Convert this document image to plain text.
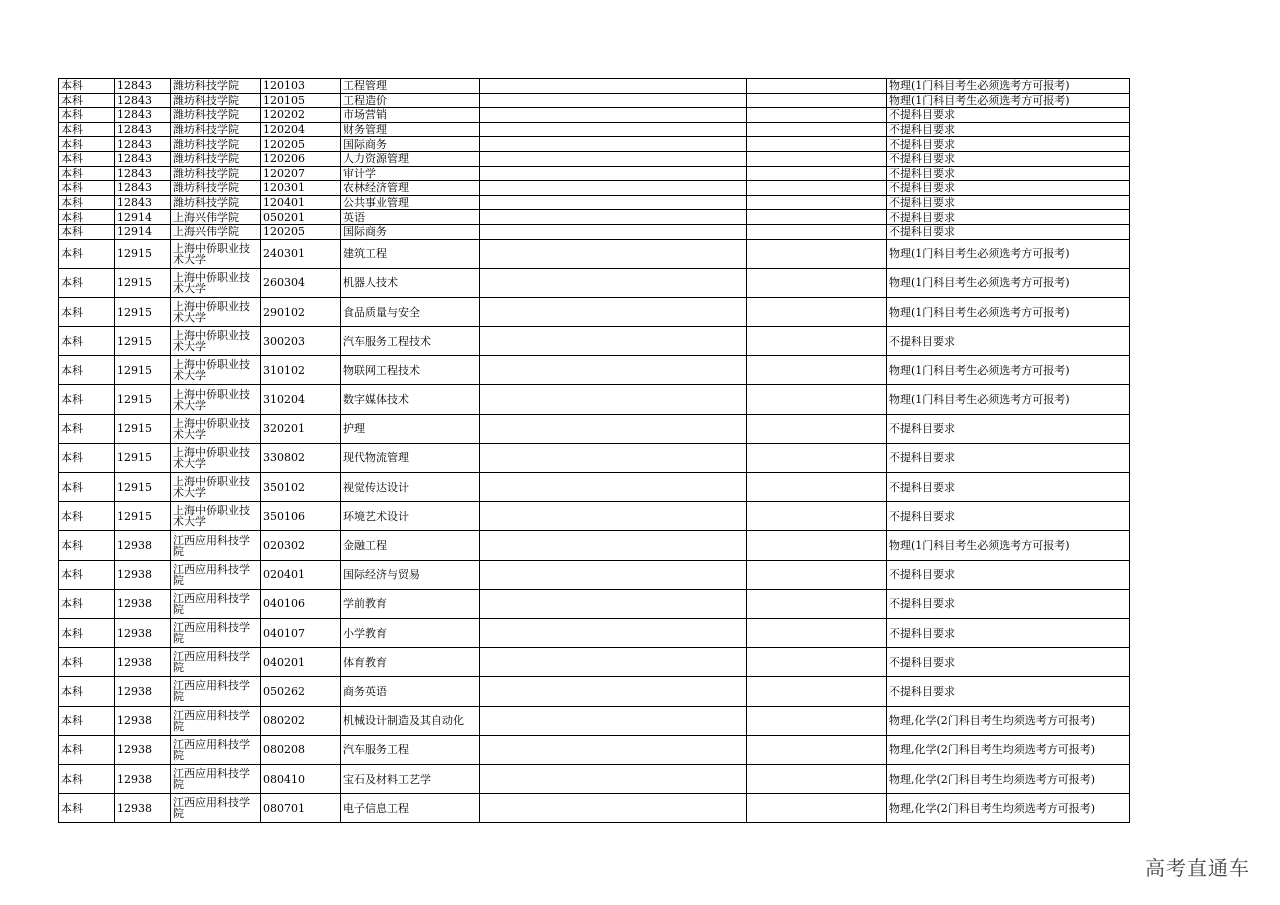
本科	12843	潍坊科技学院	120103	工程管理			物理(1门科目考生必须选考方可报考)
本科	12843	潍坊科技学院	120105	工程造价			物理(1门科目考生必须选考方可报考)
本科	12843	潍坊科技学院	120202	市场营销			不提科目要求
本科	12843	潍坊科技学院	120204	财务管理			不提科目要求
本科	12843	潍坊科技学院	120205	国际商务			不提科目要求
本科	12843	潍坊科技学院	120206	人力资源管理			不提科目要求
本科	12843	潍坊科技学院	120207	审计学			不提科目要求
本科	12843	潍坊科技学院	120301	农林经济管理			不提科目要求
本科	12843	潍坊科技学院	120401	公共事业管理			不提科目要求
本科	12914	上海兴伟学院	050201	英语			不提科目要求
本科	12914	上海兴伟学院	120205	国际商务			不提科目要求
本科	12915	上海中侨职业技术大学	240301	建筑工程			物理(1门科目考生必须选考方可报考)
本科	12915	上海中侨职业技术大学	260304	机器人技术			物理(1门科目考生必须选考方可报考)
本科	12915	上海中侨职业技术大学	290102	食品质量与安全			物理(1门科目考生必须选考方可报考)
本科	12915	上海中侨职业技术大学	300203	汽车服务工程技术			不提科目要求
本科	12915	上海中侨职业技术大学	310102	物联网工程技术			物理(1门科目考生必须选考方可报考)
本科	12915	上海中侨职业技术大学	310204	数字媒体技术			物理(1门科目考生必须选考方可报考)
本科	12915	上海中侨职业技术大学	320201	护理			不提科目要求
本科	12915	上海中侨职业技术大学	330802	现代物流管理			不提科目要求
本科	12915	上海中侨职业技术大学	350102	视觉传达设计			不提科目要求
本科	12915	上海中侨职业技术大学	350106	环境艺术设计			不提科目要求
本科	12938	江西应用科技学院	020302	金融工程			物理(1门科目考生必须选考方可报考)
本科	12938	江西应用科技学院	020401	国际经济与贸易			不提科目要求
本科	12938	江西应用科技学院	040106	学前教育			不提科目要求
本科	12938	江西应用科技学院	040107	小学教育			不提科目要求
本科	12938	江西应用科技学院	040201	体育教育			不提科目要求
本科	12938	江西应用科技学院	050262	商务英语			不提科目要求
本科	12938	江西应用科技学院	080202	机械设计制造及其自动化			物理,化学(2门科目考生均须选考方可报考)
本科	12938	江西应用科技学院	080208	汽车服务工程			物理,化学(2门科目考生均须选考方可报考)
本科	12938	江西应用科技学院	080410	宝石及材料工艺学			物理,化学(2门科目考生均须选考方可报考)
本科	12938	江西应用科技学院	080701	电子信息工程			物理,化学(2门科目考生均须选考方可报考)
高考直通车
